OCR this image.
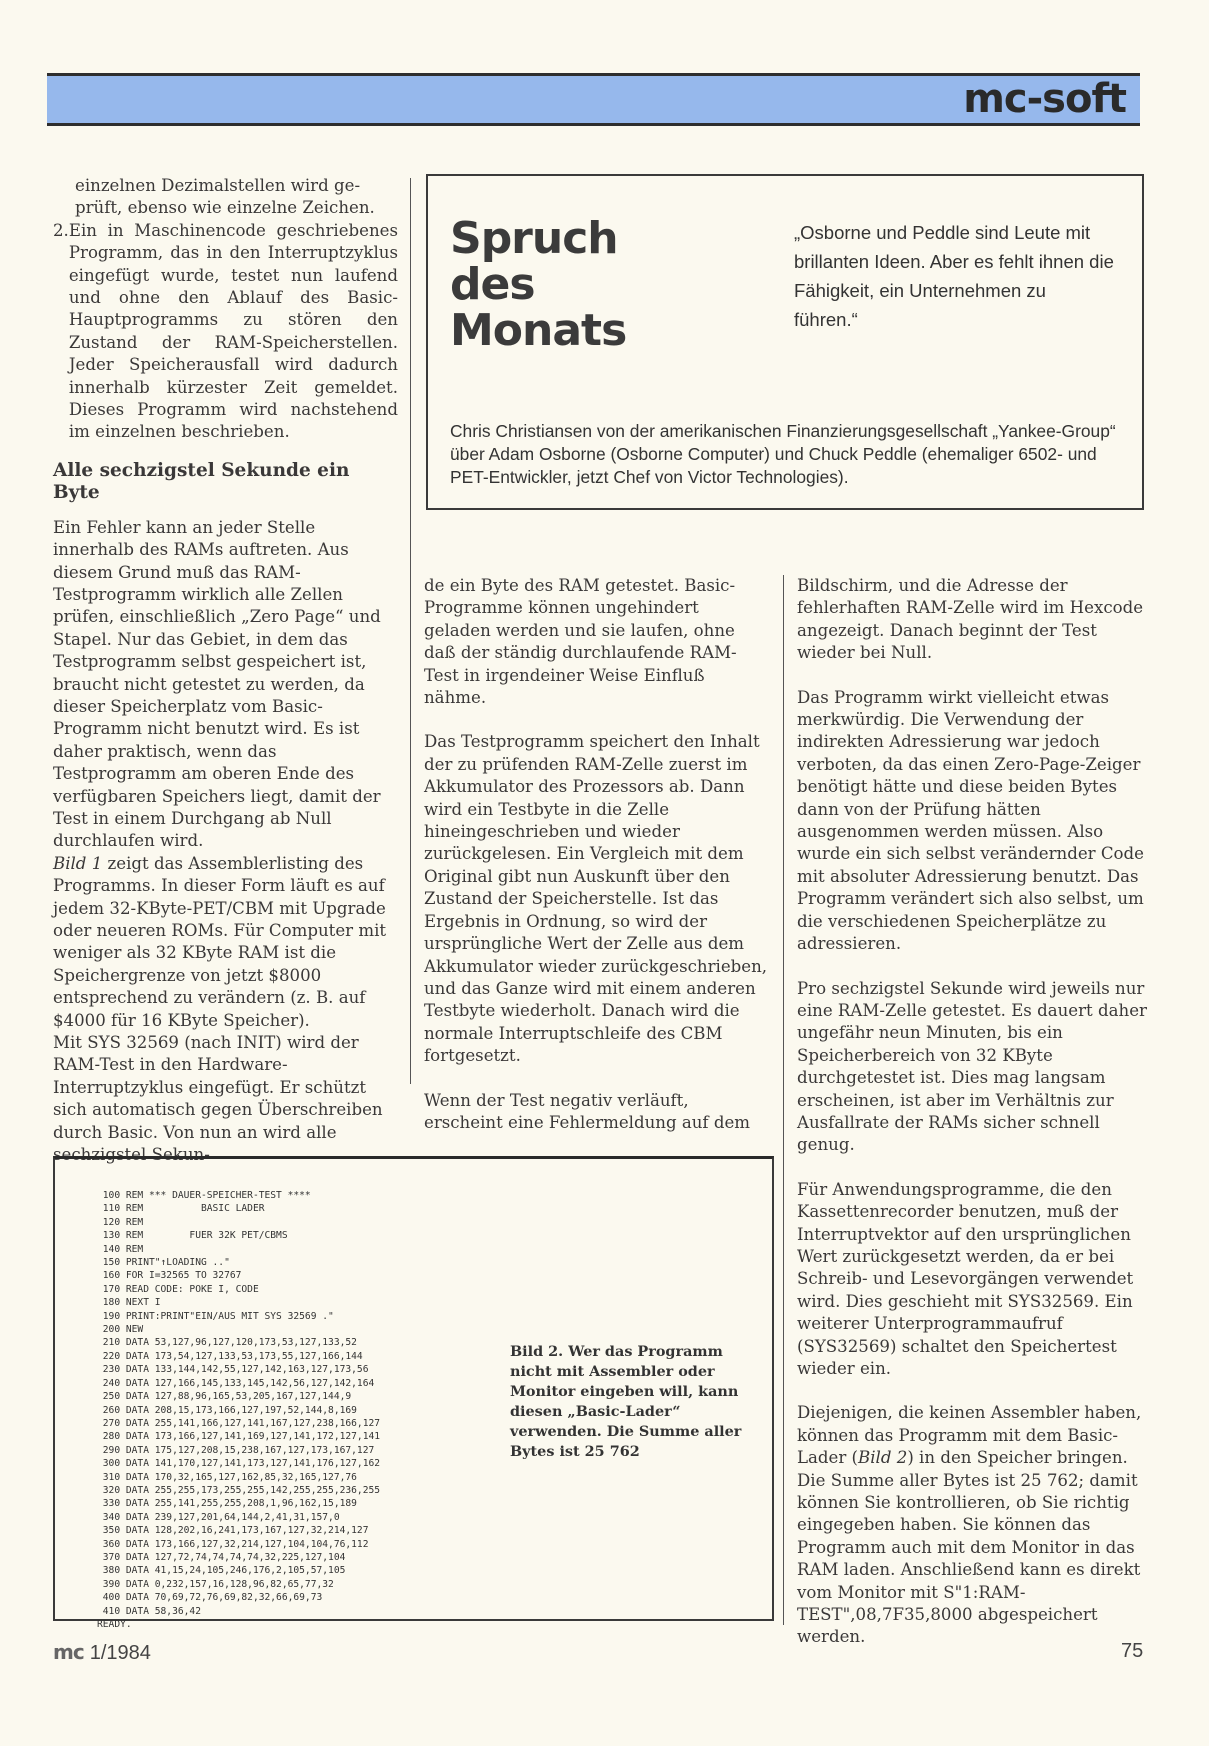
mc-soft

einzelnen Dezimalstellen wird ge-

prüft, ebenso wie einzelne Zeichen.

2. Ein in Maschinencode geschriebenes Programm, das in den Interruptzyklus eingefügt wurde, testet nun laufend und ohne den Ablauf des Basic-Hauptprogramms zu stören den Zustand der RAM-Speicherstellen. Jeder Speicherausfall wird dadurch innerhalb kürzester Zeit gemeldet. Dieses Programm wird nachstehend im einzelnen beschrieben.
Alle sechzigstel Sekunde ein Byte

Ein Fehler kann an jeder Stelle innerhalb des RAMs auftreten. Aus diesem Grund muß das RAM-Testprogramm wirklich alle Zellen prüfen, einschließlich „Zero Page“ und Stapel. Nur das Gebiet, in dem das Testprogramm selbst gespeichert ist, braucht nicht getestet zu werden, da dieser Speicherplatz vom Basic-Programm nicht benutzt wird. Es ist daher praktisch, wenn das Testprogramm am oberen Ende des verfügbaren Speichers liegt, damit der Test in einem Durchgang ab Null durchlaufen wird.

Bild 1 zeigt das Assemblerlisting des Programms. In dieser Form läuft es auf jedem 32-KByte-PET/CBM mit Upgrade oder neueren ROMs. Für Computer mit weniger als 32 KByte RAM ist die Speichergrenze von jetzt $8000 entsprechend zu verändern (z. B. auf $4000 für 16 KByte Speicher).

Mit SYS 32569 (nach INIT) wird der RAM-Test in den Hardware-Interruptzyklus eingefügt. Er schützt sich automatisch gegen Überschreiben durch Basic. Von nun an wird alle sechzigstel Sekun-

Spruch
des
Monats
„Osborne und Peddle sind Leute mit brillanten Ideen. Aber es fehlt ihnen die Fähigkeit, ein Unternehmen zu führen.“
Chris Christiansen von der amerikanischen Finanzierungsgesellschaft „Yankee-Group“ über Adam Osborne (Osborne Computer) und Chuck Peddle (ehemaliger 6502- und PET-Entwickler, jetzt Chef von Victor Technologies).

de ein Byte des RAM getestet. Basic-Programme können ungehindert geladen werden und sie laufen, ohne daß der ständig durchlaufende RAM-Test in irgendeiner Weise Einfluß nähme.

Das Testprogramm speichert den Inhalt der zu prüfenden RAM-Zelle zuerst im Akkumulator des Prozessors ab. Dann wird ein Testbyte in die Zelle hineingeschrieben und wieder zurückgelesen. Ein Vergleich mit dem Original gibt nun Auskunft über den Zustand der Speicherstelle. Ist das Ergebnis in Ordnung, so wird der ursprüngliche Wert der Zelle aus dem Akkumulator wieder zurückgeschrieben, und das Ganze wird mit einem anderen Testbyte wiederholt. Danach wird die normale Interruptschleife des CBM fortgesetzt.

Wenn der Test negativ verläuft, erscheint eine Fehlermeldung auf dem

Bildschirm, und die Adresse der fehlerhaften RAM-Zelle wird im Hexcode angezeigt. Danach beginnt der Test wieder bei Null.

Das Programm wirkt vielleicht etwas merkwürdig. Die Verwendung der indirekten Adressierung war jedoch verboten, da das einen Zero-Page-Zeiger benötigt hätte und diese beiden Bytes dann von der Prüfung hätten ausgenommen werden müssen. Also wurde ein sich selbst verändernder Code mit absoluter Adressierung benutzt. Das Programm verändert sich also selbst, um die verschiedenen Speicherplätze zu adressieren.

Pro sechzigstel Sekunde wird jeweils nur eine RAM-Zelle getestet. Es dauert daher ungefähr neun Minuten, bis ein Speicherbereich von 32 KByte durchgetestet ist. Dies mag langsam erscheinen, ist aber im Verhältnis zur Ausfallrate der RAMs sicher schnell genug.

Für Anwendungsprogramme, die den Kassettenrecorder benutzen, muß der Interruptvektor auf den ursprünglichen Wert zurückgesetzt werden, da er bei Schreib- und Lesevorgängen verwendet wird. Dies geschieht mit SYS32569. Ein weiterer Unterprogrammaufruf (SYS32569) schaltet den Speichertest wieder ein.

Diejenigen, die keinen Assembler haben, können das Programm mit dem Basic-Lader (Bild 2) in den Speicher bringen. Die Summe aller Bytes ist 25 762; damit können Sie kontrollieren, ob Sie richtig eingegeben haben. Sie können das Programm auch mit dem Monitor in das RAM laden. Anschließend kann es direkt vom Monitor mit S"1:RAM-TEST",08,7F35,8000 abgespeichert werden.

100 REM *** DAUER-SPEICHER-TEST ****
110 REM          BASIC LADER
120 REM
130 REM        FUER 32K PET/CBMS
140 REM
150 PRINT"↑LOADING .."
160 FOR I=32565 TO 32767
170 READ CODE: POKE I, CODE
180 NEXT I
190 PRINT:PRINT"EIN/AUS MIT SYS 32569 ."
200 NEW
210 DATA 53,127,96,127,120,173,53,127,133,52
220 DATA 173,54,127,133,53,173,55,127,166,144
230 DATA 133,144,142,55,127,142,163,127,173,56
240 DATA 127,166,145,133,145,142,56,127,142,164
250 DATA 127,88,96,165,53,205,167,127,144,9
260 DATA 208,15,173,166,127,197,52,144,8,169
270 DATA 255,141,166,127,141,167,127,238,166,127
280 DATA 173,166,127,141,169,127,141,172,127,141
290 DATA 175,127,208,15,238,167,127,173,167,127
300 DATA 141,170,127,141,173,127,141,176,127,162
310 DATA 170,32,165,127,162,85,32,165,127,76
320 DATA 255,255,173,255,255,142,255,255,236,255
330 DATA 255,141,255,255,208,1,96,162,15,189
340 DATA 239,127,201,64,144,2,41,31,157,0
350 DATA 128,202,16,241,173,167,127,32,214,127
360 DATA 173,166,127,32,214,127,104,104,76,112
370 DATA 127,72,74,74,74,74,32,225,127,104
380 DATA 41,15,24,105,246,176,2,105,57,105
390 DATA 0,232,157,16,128,96,82,65,77,32
400 DATA 70,69,72,76,69,82,32,66,69,73
410 DATA 58,36,42
READY.
Bild 2. Wer das Programm nicht mit Assembler oder Monitor eingeben will, kann diesen „Basic-Lader“ verwenden. Die Summe aller Bytes ist 25 762
mc 1/1984	75
